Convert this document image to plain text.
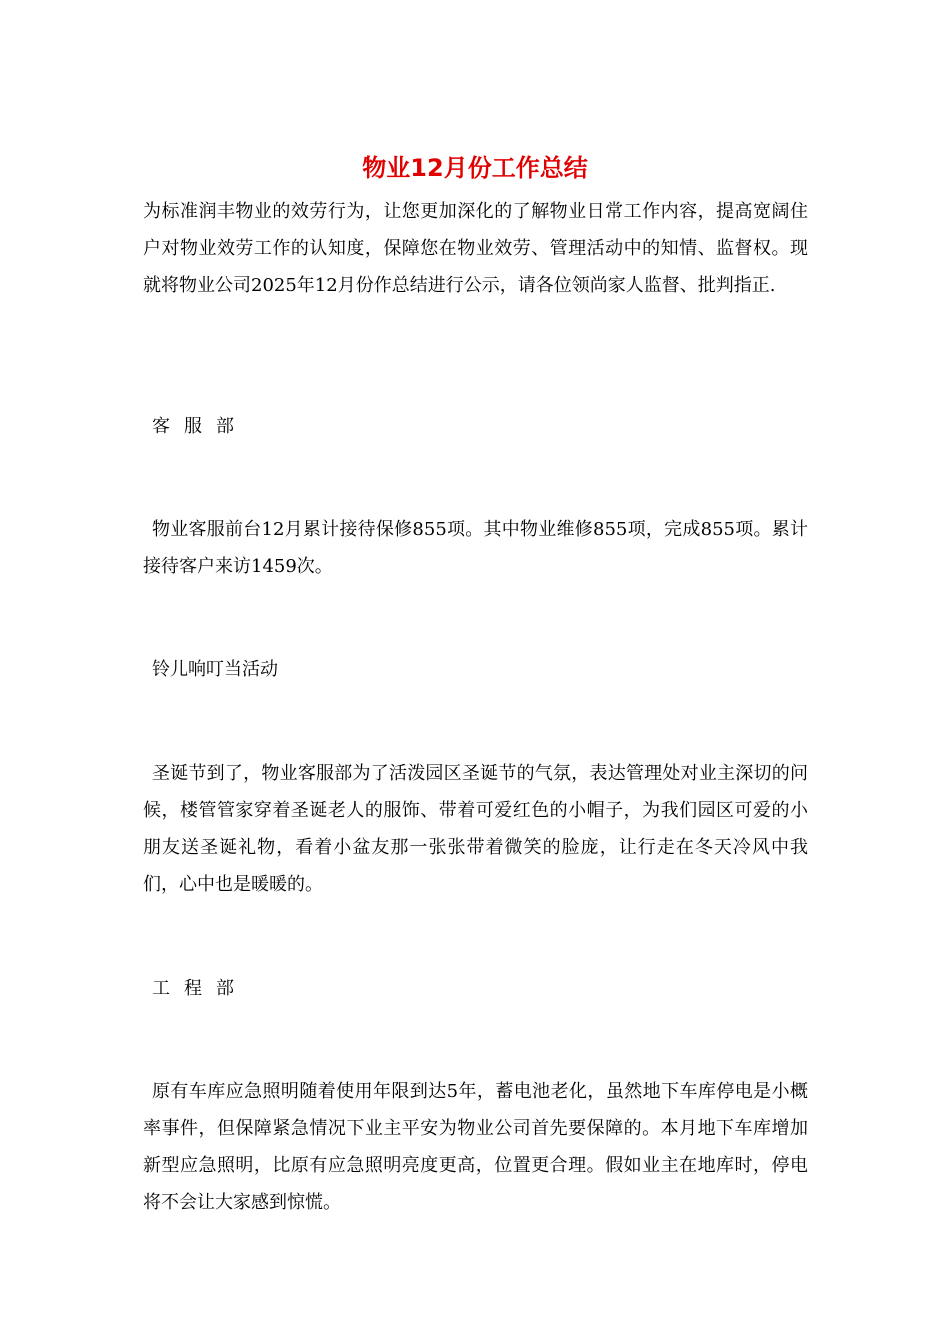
物业12月份工作总结
为标准润丰物业的效劳行为，让您更加深化的了解物业日常工作内容，提高宽阔住户对物业效劳工作的认知度，保障您在物业效劳、管理活动中的知情、监督权。现就将物业公司2025年12月份作总结进行公示，请各位领尚家人监督、批判指正.
客服部
物业客服前台12月累计接待保修855项。其中物业维修855项，完成855项。累计接待客户来访1459次。
铃儿响叮当活动
圣诞节到了，物业客服部为了活泼园区圣诞节的气氛，表达管理处对业主深切的问候，楼管管家穿着圣诞老人的服饰、带着可爱红色的小帽子，为我们园区可爱的小朋友送圣诞礼物，看着小盆友那一张张带着微笑的脸庞，让行走在冬天冷风中我们，心中也是暖暖的。
工程部
原有车库应急照明随着使用年限到达5年，蓄电池老化，虽然地下车库停电是小概率事件，但保障紧急情况下业主平安为物业公司首先要保障的。本月地下车库增加新型应急照明，比原有应急照明亮度更高，位置更合理。假如业主在地库时，停电将不会让大家感到惊慌。
